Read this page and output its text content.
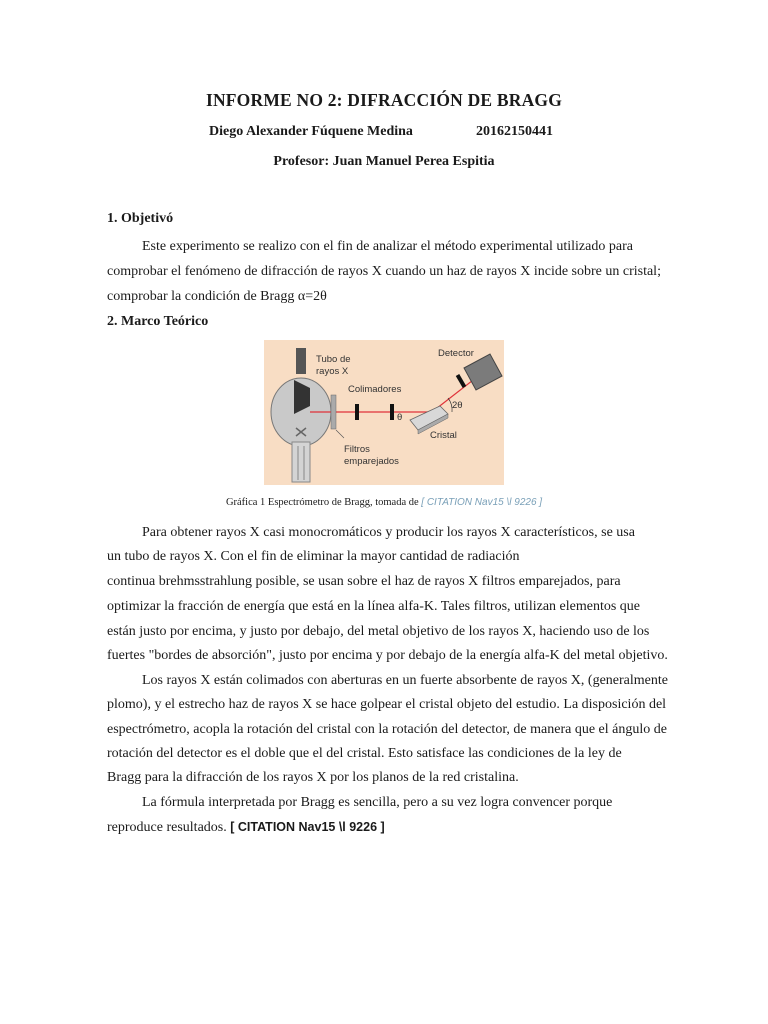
INFORME NO 2: DIFRACCIÓN DE BRAGG
Diego Alexander Fúquene Medina	20162150441
Profesor: Juan Manuel Perea Espitia
1. Objetivó
Este experimento se realizo con el fin de analizar el método experimental utilizado para
comprobar el fenómeno de difracción de rayos X cuando un haz de rayos X incide sobre un cristal;
comprobar la condición de Bragg α=2θ
2. Marco Teórico
Tubo de
rayos X
Colimadores
Detector
θ
2θ
Cristal
Filtros
emparejados
Gráfica 1 Espectrómetro de Bragg, tomada de [ CITATION Nav15 \l 9226 ]
Para obtener rayos X casi monocromáticos y producir los rayos X característicos, se usa
un tubo de rayos X. Con el fin de eliminar la mayor cantidad de radiación
continua brehmsstrahlung posible, se usan sobre el haz de rayos X filtros emparejados, para
optimizar la fracción de energía que está en la línea alfa-K. Tales filtros, utilizan elementos que
están justo por encima, y justo por debajo, del metal objetivo de los rayos X, haciendo uso de los
fuertes "bordes de absorción", justo por encima y por debajo de la energía alfa-K del metal objetivo.
Los rayos X están colimados con aberturas en un fuerte absorbente de rayos X, (generalmente
plomo), y el estrecho haz de rayos X se hace golpear el cristal objeto del estudio. La disposición del
espectrómetro, acopla la rotación del cristal con la rotación del detector, de manera que el ángulo de
rotación del detector es el doble que el del cristal. Esto satisface las condiciones de la ley de
Bragg para la difracción de los rayos X por los planos de la red cristalina.
La fórmula interpretada por Bragg es sencilla, pero a su vez logra convencer porque
reproduce resultados. [ CITATION Nav15 \l 9226 ]
